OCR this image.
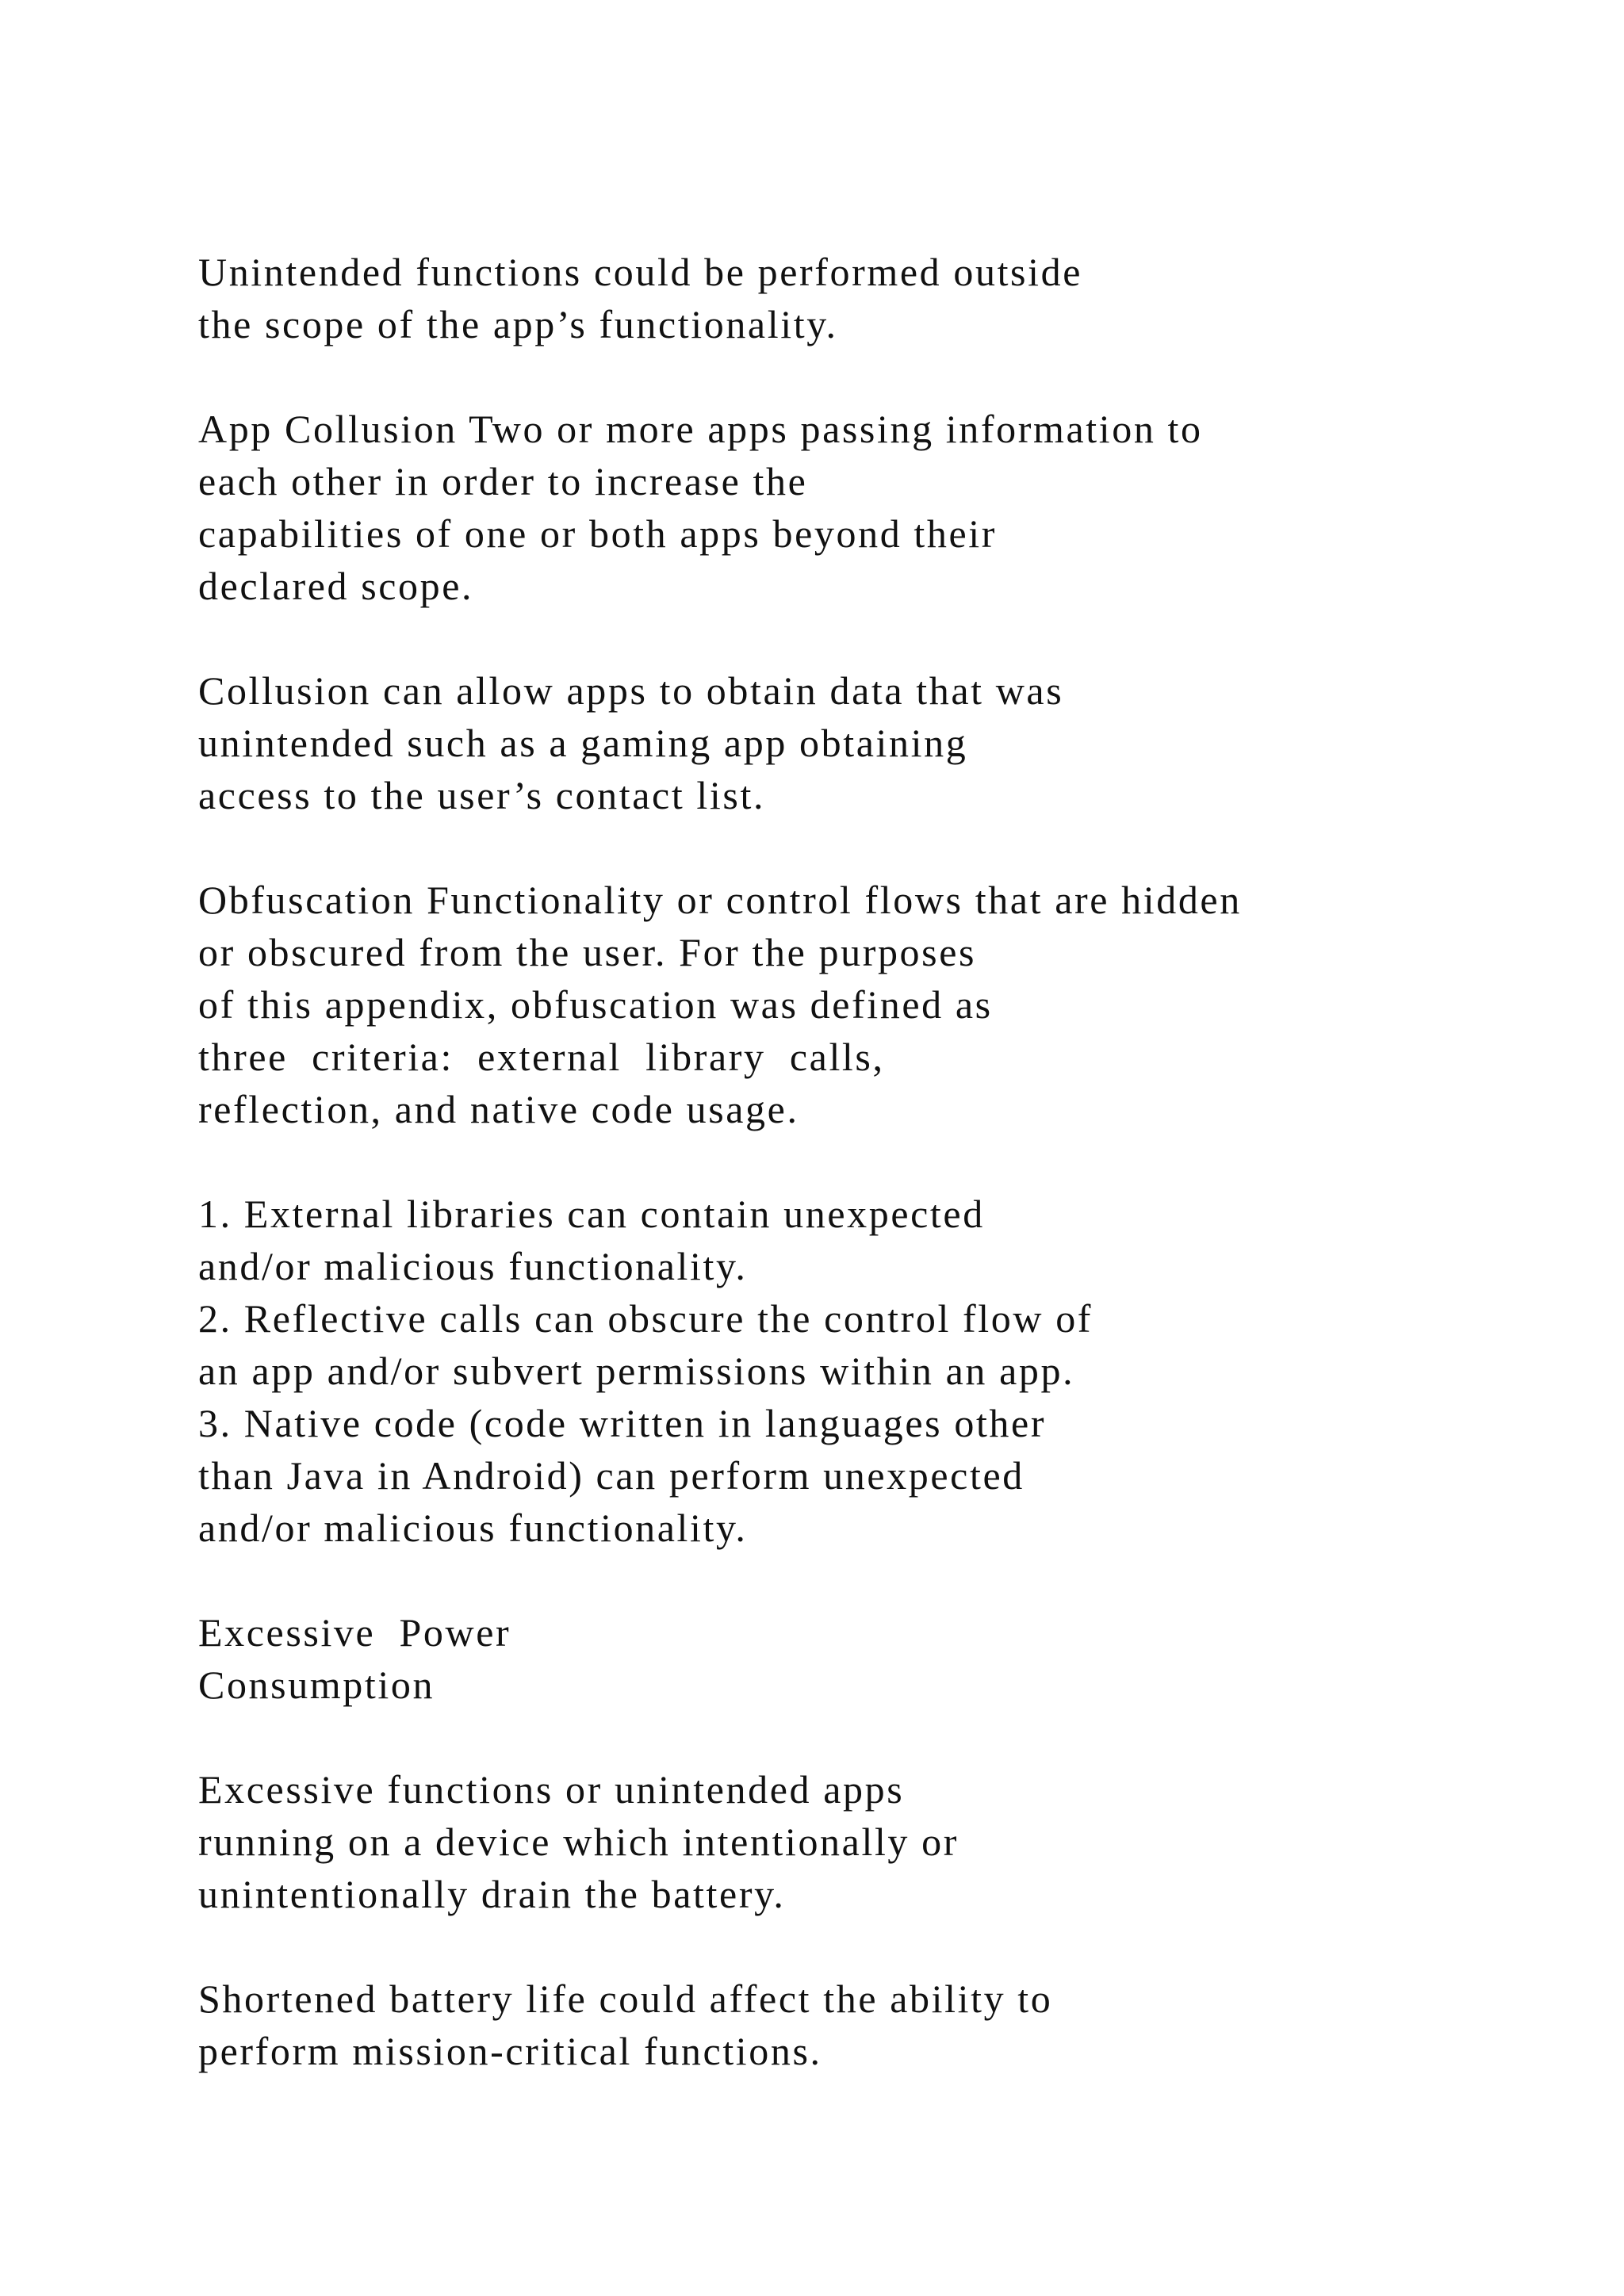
Unintended functions could be performed outside
the scope of the app’s functionality.

App Collusion Two or more apps passing information to
each other in order to increase the
capabilities of one or both apps beyond their
declared scope.

Collusion can allow apps to obtain data that was
unintended such as a gaming app obtaining
access to the user’s contact list.

Obfuscation Functionality or control flows that are hidden
or obscured from the user. For the purposes
of this appendix, obfuscation was defined as
three  criteria:  external  library  calls,
reflection, and native code usage.

1. External libraries can contain unexpected
and/or malicious functionality.
2. Reflective calls can obscure the control flow of
an app and/or subvert permissions within an app.
3. Native code (code written in languages other
than Java in Android) can perform unexpected
and/or malicious functionality.

Excessive  Power
Consumption

Excessive functions or unintended apps
running on a device which intentionally or
unintentionally drain the battery.

Shortened battery life could affect the ability to
perform mission-critical functions.
